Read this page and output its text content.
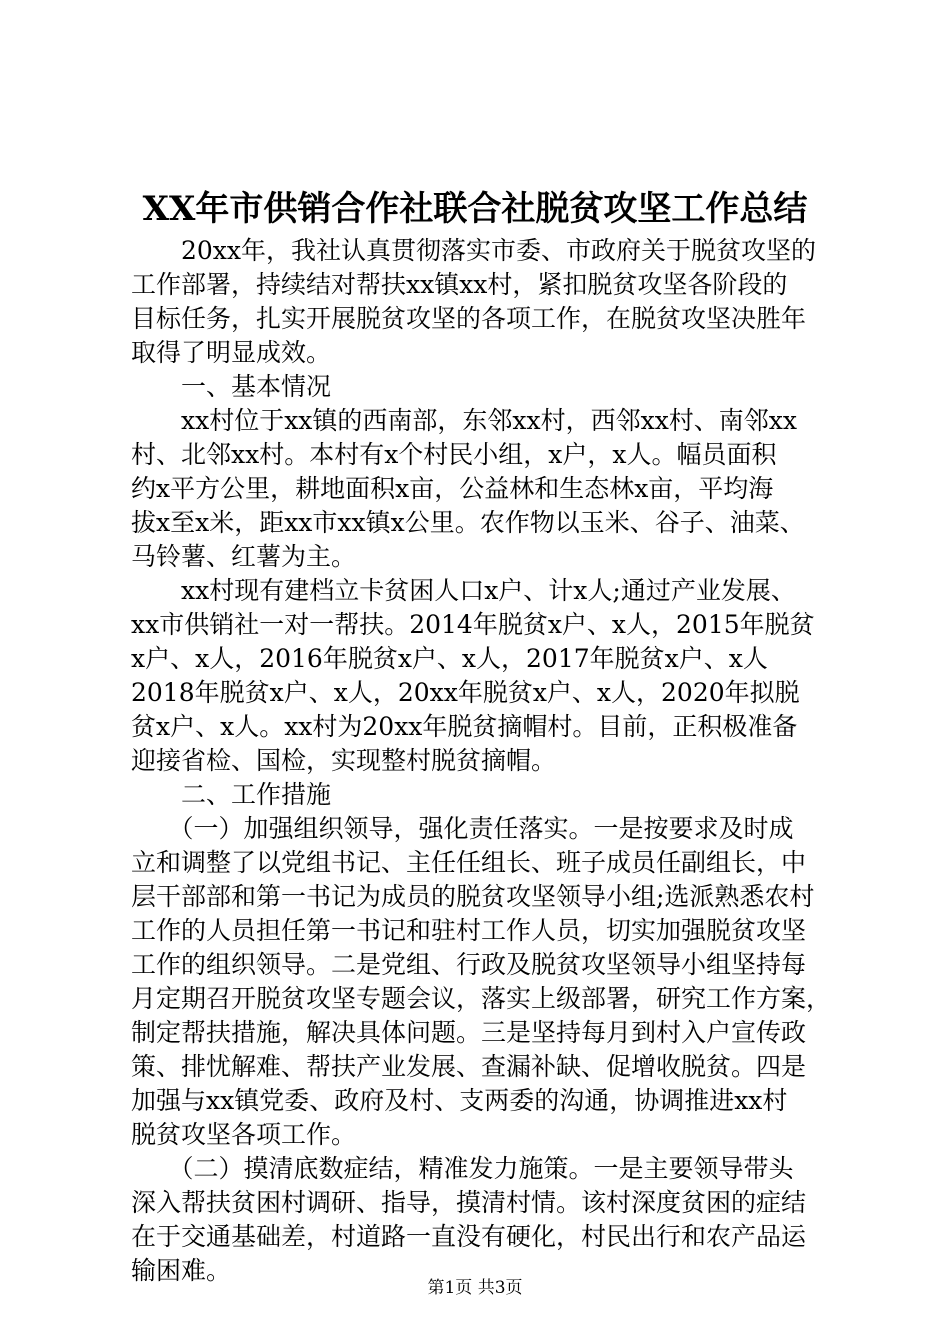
XX年市供销合作社联合社脱贫攻坚工作总结
　　20xx年，我社认真贯彻落实市委、市政府关于脱贫攻坚的
工作部署，持续结对帮扶xx镇xx村，紧扣脱贫攻坚各阶段的
目标任务，扎实开展脱贫攻坚的各项工作，在脱贫攻坚决胜年
取得了明显成效。
　　一、基本情况
　　xx村位于xx镇的西南部，东邻xx村，西邻xx村、南邻xx
村、北邻xx村。本村有x个村民小组，x户，x人。幅员面积
约x平方公里，耕地面积x亩，公益林和生态林x亩，平均海
拔x至x米，距xx市xx镇x公里。农作物以玉米、谷子、油菜、
马铃薯、红薯为主。
　　xx村现有建档立卡贫困人口x户、计x人;通过产业发展、
xx市供销社一对一帮扶。2014年脱贫x户、x人，2015年脱贫
x户、x人，2016年脱贫x户、x人，2017年脱贫x户、x人
2018年脱贫x户、x人，20xx年脱贫x户、x人，2020年拟脱
贫x户、x人。xx村为20xx年脱贫摘帽村。目前，正积极准备
迎接省检、国检，实现整村脱贫摘帽。
　　二、工作措施
　　（一）加强组织领导，强化责任落实。一是按要求及时成
立和调整了以党组书记、主任任组长、班子成员任副组长，中
层干部部和第一书记为成员的脱贫攻坚领导小组;选派熟悉农村
工作的人员担任第一书记和驻村工作人员，切实加强脱贫攻坚
工作的组织领导。二是党组、行政及脱贫攻坚领导小组坚持每
月定期召开脱贫攻坚专题会议，落实上级部署，研究工作方案，
制定帮扶措施，解决具体问题。三是坚持每月到村入户宣传政
策、排忧解难、帮扶产业发展、查漏补缺、促增收脱贫。四是
加强与xx镇党委、政府及村、支两委的沟通，协调推进xx村
脱贫攻坚各项工作。
　　（二）摸清底数症结，精准发力施策。一是主要领导带头
深入帮扶贫困村调研、指导，摸清村情。该村深度贫困的症结
在于交通基础差，村道路一直没有硬化，村民出行和农产品运
输困难。
第1页 共3页
